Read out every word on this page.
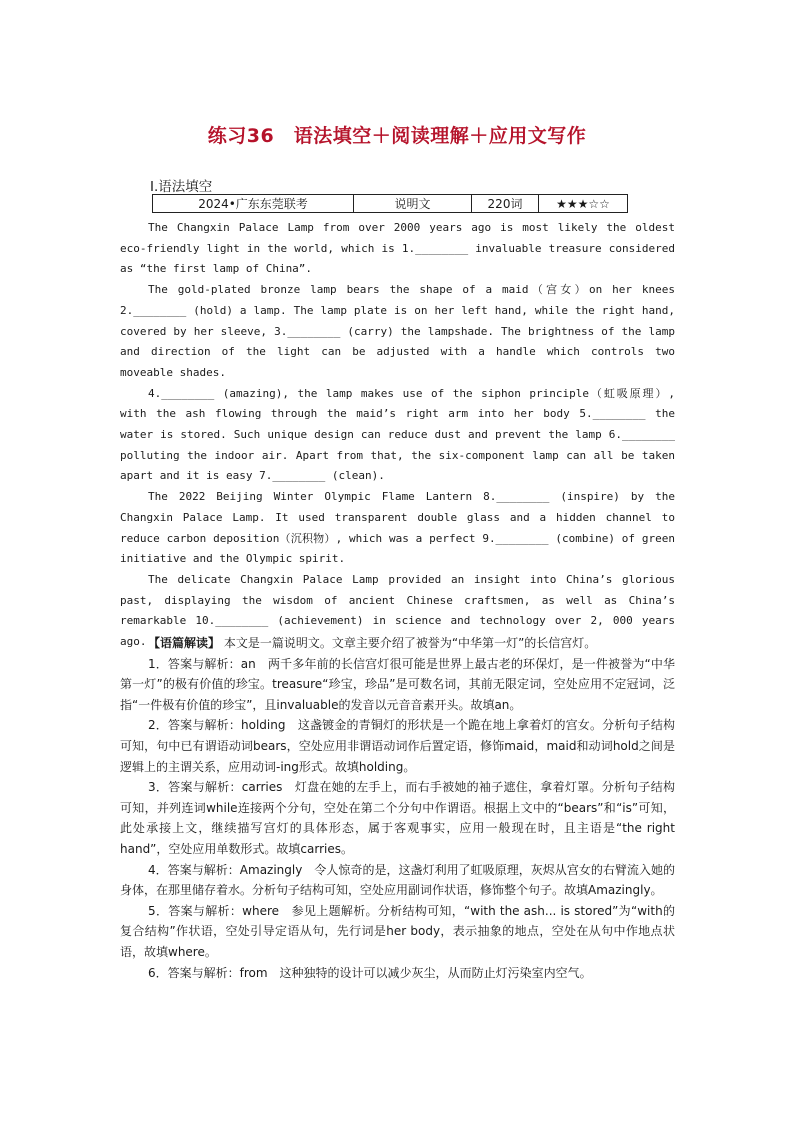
练习36　语法填空＋阅读理解＋应用文写作
Ⅰ.语法填空
2024•广东东莞联考	说明文	220词	★★★☆☆

The Changxin Palace Lamp from over 2000 years ago is most likely the oldest eco-friendly light in the world, which is 1.________ invaluable treasure considered as “the first lamp of China”.

The gold-plated bronze lamp bears the shape of a maid（宫女）on her knees 2.________ (hold) a lamp. The lamp plate is on her left hand, while the right hand, covered by her sleeve, 3.________ (carry) the lampshade. The brightness of the lamp and direction of the light can be adjusted with a handle which controls two moveable shades.

4.________ (amazing), the lamp makes use of the siphon principle（虹吸原理）, with the ash flowing through the maid’s right arm into her body 5.________ the water is stored. Such unique design can reduce dust and prevent the lamp 6.________ polluting the indoor air. Apart from that, the six-component lamp can all be taken apart and it is easy 7.________ (clean).

The 2022 Beijing Winter Olympic Flame Lantern 8.________ (inspire) by the Changxin Palace Lamp. It used transparent double glass and a hidden channel to reduce carbon deposition（沉积物）, which was a perfect 9.________ (combine) of green initiative and the Olympic spirit.

The delicate Changxin Palace Lamp provided an insight into China’s glorious past, displaying the wisdom of ancient Chinese craftsmen, as well as China’s remarkable 10.________ (achievement) in science and technology over 2, 000 years ago. 【语篇解读】 本文是一篇说明文。文章主要介绍了被誉为“中华第一灯”的长信宫灯。

1．答案与解析：an　两千多年前的长信宫灯很可能是世界上最古老的环保灯，是一件被誉为“中华第一灯”的极有价值的珍宝。treasure“珍宝，珍品”是可数名词，其前无限定词，空处应用不定冠词，泛指“一件极有价值的珍宝”，且invaluable的发音以元音音素开头。故填an。

2．答案与解析：holding　这盏镀金的青铜灯的形状是一个跪在地上拿着灯的宫女。分析句子结构可知，句中已有谓语动词bears，空处应用非谓语动词作后置定语，修饰maid，maid和动词hold之间是逻辑上的主谓关系，应用动词-ing形式。故填holding。

3．答案与解析：carries　灯盘在她的左手上，而右手被她的袖子遮住，拿着灯罩。分析句子结构可知，并列连词while连接两个分句，空处在第二个分句中作谓语。根据上文中的“bears”和“is”可知，此处承接上文，继续描写宫灯的具体形态，属于客观事实，应用一般现在时，且主语是“the right hand”，空处应用单数形式。故填carries。

4．答案与解析：Amazingly　令人惊奇的是，这盏灯利用了虹吸原理，灰烬从宫女的右臂流入她的身体，在那里储存着水。分析句子结构可知，空处应用副词作状语，修饰整个句子。故填Amazingly。

5．答案与解析：where　参见上题解析。分析结构可知，“with the ash... is stored”为“with的复合结构”作状语，空处引导定语从句，先行词是her body，表示抽象的地点，空处在从句中作地点状语，故填where。

6．答案与解析：from　这种独特的设计可以减少灰尘，从而防止灯污染室内空气。
